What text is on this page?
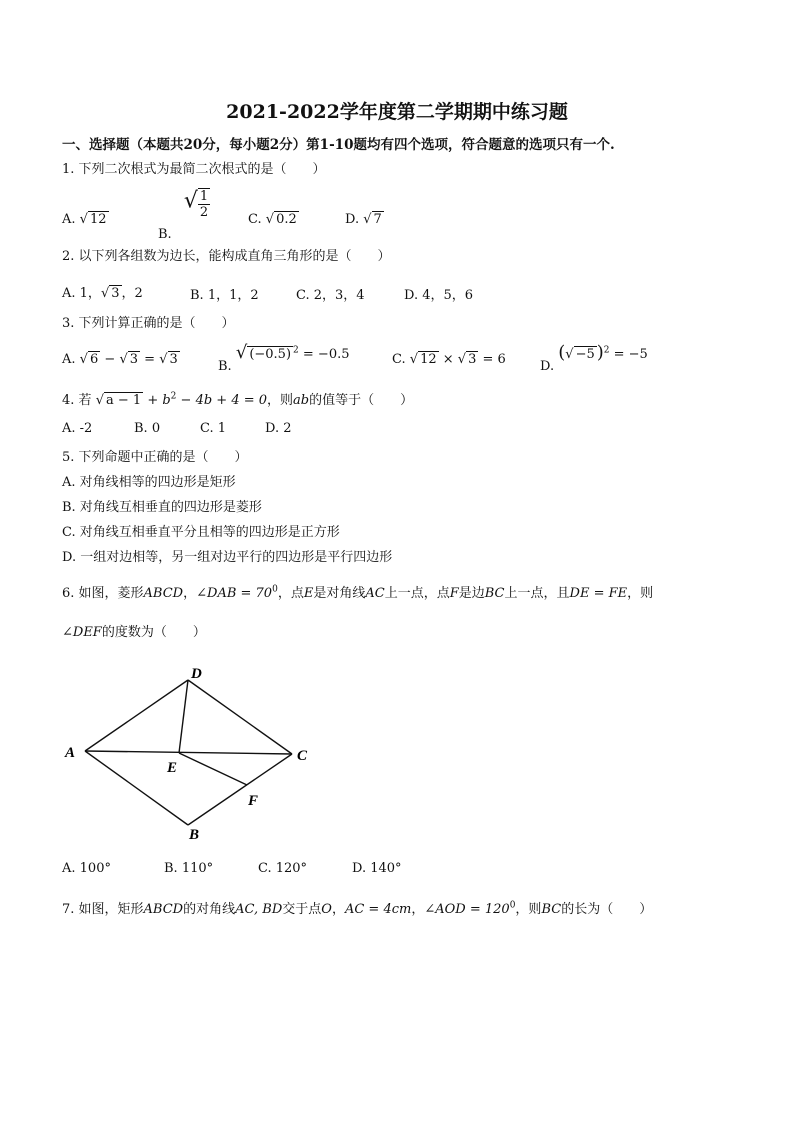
2021-2022学年度第二学期期中练习题
一、选择题（本题共20分，每小题2分）第1-10题均有四个选项，符合题意的选项只有一个.
1. 下列二次根式为最简二次根式的是（　　）
A. √ 12
B. √ $\frac{1}{2}$	C. √ 0.2	D. √ 7
2. 以下列各组数为边长，能构成直角三角形的是（　　）
A. 1，√ 3 ，2	B. 1，1，2	C. 2，3，4	D. 4，5，6
3. 下列计算正确的是（　　）
A. √ 6 − √ 3 = √ 3	B. √ (−0.5) $^2$ = −0.5	C. √ 12 × √ 3 = 6	D. (√ −5 )$^2$ = −5
4. 若 √ $a - 1 + b^2 - 4b + 4 = 0$，则ab的值等于（　　）
A. -2	B. 0	C. 1	D. 2
5. 下列命题中正确的是（　　）
A. 对角线相等的四边形是矩形
B. 对角线互相垂直的四边形是菱形
C. 对角线互相垂直平分且相等的四边形是正方形
D. 一组对边相等，另一组对边平行的四边形是平行四边形
6. 如图，菱形ABCD，∠DAB = $70^0$，点E是对角线AC上一点，点F是边BC上一点，且DE = FE，则
∠DEF的度数为（　　）
D
A	C
E
F
B
A. 100°	B. 110°	C. 120°	D. 140°
7. 如图，矩形ABCD的对角线AC, BD交于点O，AC = 4cm，∠AOD = $120^0$，则BC的长为（　　）
